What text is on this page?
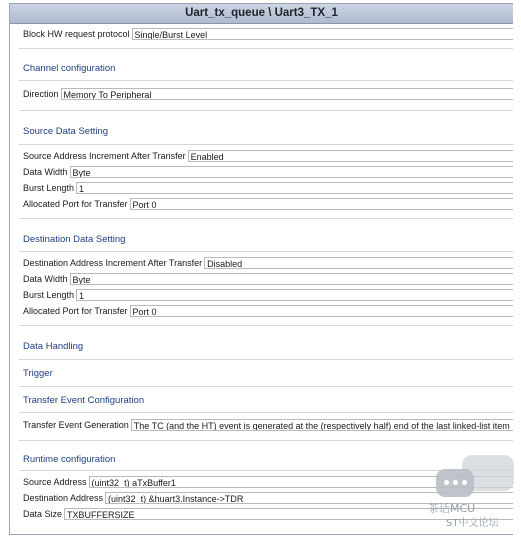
Uart_tx_queue \ Uart3_TX_1
Block HW request protocol Single/Burst Level
Channel configuration
Direction Memory To Peripheral
Source Data Setting
Source Address Increment After Transfer Enabled
Data Width Byte
Burst Length 1
Allocated Port for Transfer Port 0
Destination Data Setting
Destination Address Increment After Transfer Disabled
Data Width Byte
Burst Length 1
Allocated Port for Transfer Port 0
Data Handling
Trigger
Transfer Event Configuration
Transfer Event Generation The TC (and the HT) event is generated at the (respectively half) end of the last linked-list item
Runtime configuration
Source Address (uint32_t) aTxBuffer1
Destination Address (uint32_t) &huart3.Instance->TDR
Data Size TXBUFFERSIZE	茶话MCU
ST中文论坛
